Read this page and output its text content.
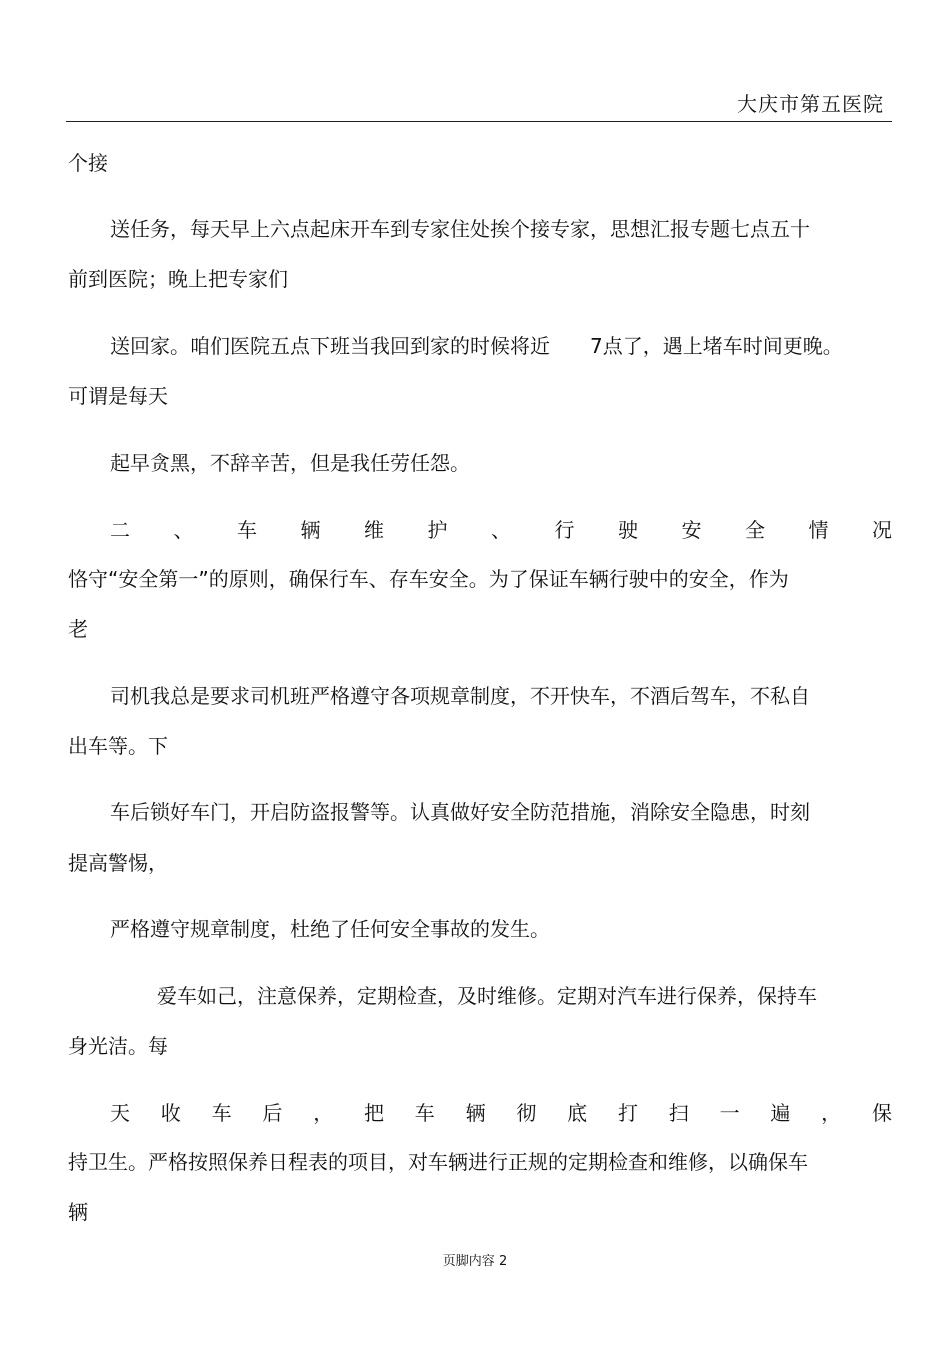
大庆市第五医院
个接
送任务，每天早上六点起床开车到专家住处挨个接专家，思想汇报专题七点五十
前到医院；晚上把专家们
送回家。咱们医院五点下班当我回到家的时候将近　　7点了，遇上堵车时间更晚。
可谓是每天
起早贪黑，不辞辛苦，但是我任劳任怨。
二 、 车 辆 维 护 、 行 驶 安 全 情 况
恪守“安全第一”的原则，确保行车、存车安全。为了保证车辆行驶中的安全，作为
老
司机我总是要求司机班严格遵守各项规章制度，不开快车，不酒后驾车，不私自
出车等。下
车后锁好车门，开启防盗报警等。认真做好安全防范措施，消除安全隐患，时刻
提高警惕，
严格遵守规章制度，杜绝了任何安全事故的发生。
爱车如己，注意保养，定期检查，及时维修。定期对汽车进行保养，保持车
身光洁。每
天 收 车 后 ， 把 车 辆 彻 底 打 扫 一 遍 ， 保
持卫生。严格按照保养日程表的项目，对车辆进行正规的定期检查和维修，以确保车
辆
页脚内容 2
